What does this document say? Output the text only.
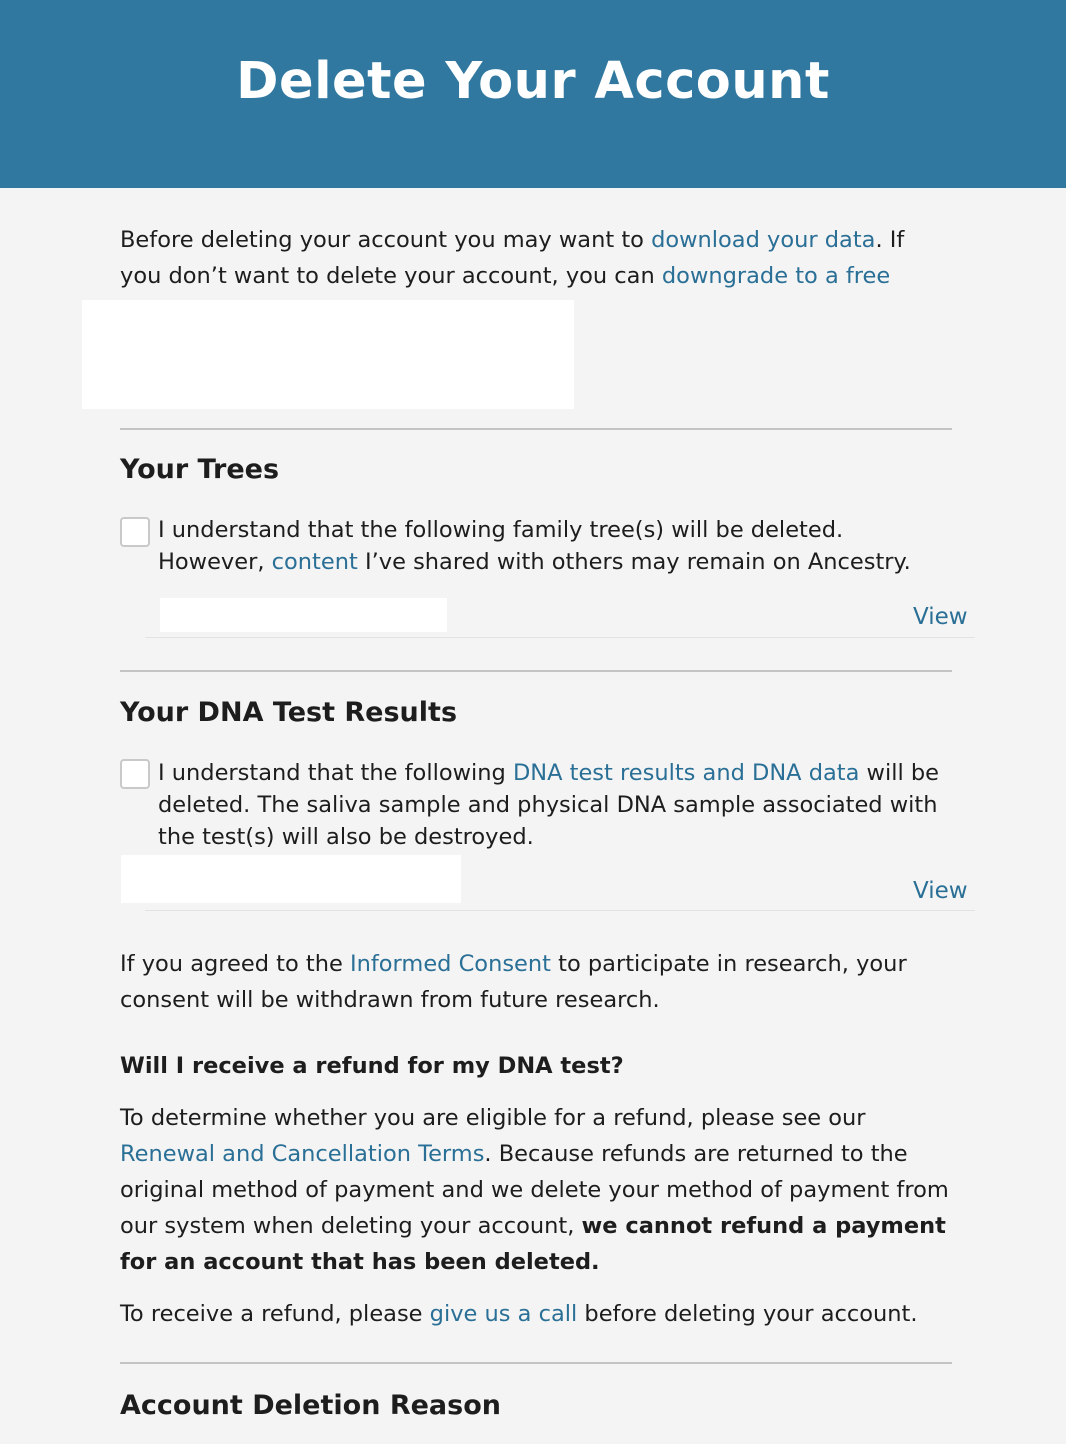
Delete Your Account

Before deleting your account you may want to download your data. If you don’t want to delete your account, you can downgrade to a free

Your Trees

I understand that the following family tree(s) will be deleted. However, content I’ve shared with others may remain on Ancestry.

View
Your DNA Test Results

I understand that the following DNA test results and DNA data will be deleted. The saliva sample and physical DNA sample associated with the test(s) will also be destroyed.

View

If you agreed to the Informed Consent to participate in research, your consent will be withdrawn from future research.

Will I receive a refund for my DNA test?

To determine whether you are eligible for a refund, please see our Renewal and Cancellation Terms. Because refunds are returned to the original method of payment and we delete your method of payment from our system when deleting your account, we cannot refund a payment for an account that has been deleted.

To receive a refund, please give us a call before deleting your account.

Account Deletion Reason
